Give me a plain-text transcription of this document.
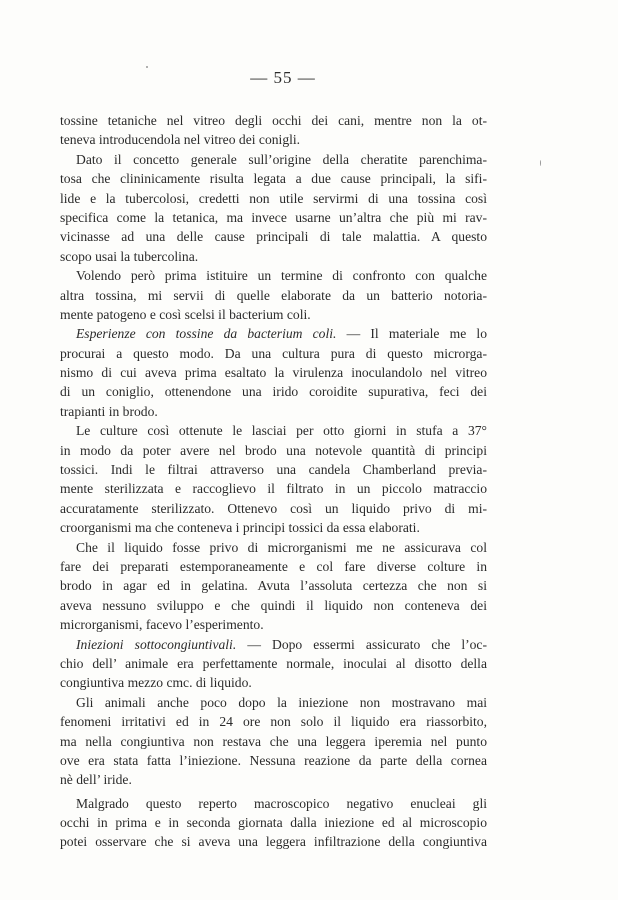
— 55 —
tossine tetaniche nel vitreo degli occhi dei cani, mentre non la ot-
teneva introducendola nel vitreo dei conigli.
Dato il concetto generale sull’origine della cheratite parenchima-
tosa che clininicamente risulta legata a due cause principali, la sifi-
lide e la tubercolosi, credetti non utile servirmi di una tossina così
specifica come la tetanica, ma invece usarne un’altra che più mi rav-
vicinasse ad una delle cause principali di tale malattia. A questo
scopo usai la tubercolina.
Volendo però prima istituire un termine di confronto con qualche
altra tossina, mi servii di quelle elaborate da un batterio notoria-
mente patogeno e così scelsi il bacterium coli.
Esperienze con tossine da bacterium coli. — Il materiale me lo
procurai a questo modo. Da una cultura pura di questo microrga-
nismo di cui aveva prima esaltato la virulenza inoculandolo nel vitreo
di un coniglio, ottenendone una irido coroidite supurativa, feci dei
trapianti in brodo.
Le culture così ottenute le lasciai per otto giorni in stufa a 37°
in modo da poter avere nel brodo una notevole quantità di principi
tossici. Indi le filtrai attraverso una candela Chamberland previa-
mente sterilizzata e raccoglievo il filtrato in un piccolo matraccio
accuratamente sterilizzato. Ottenevo così un liquido privo di mi-
croorganismi ma che conteneva i principi tossici da essa elaborati.
Che il liquido fosse privo di microrganismi me ne assicurava col
fare dei preparati estemporaneamente e col fare diverse colture in
brodo in agar ed in gelatina. Avuta l’assoluta certezza che non si
aveva nessuno sviluppo e che quindi il liquido non conteneva dei
microrganismi, facevo l’esperimento.
Iniezioni sottocongiuntivali. — Dopo essermi assicurato che l’oc-
chio dell’ animale era perfettamente normale, inoculai al disotto della
congiuntiva mezzo cmc. di liquido.
Gli animali anche poco dopo la iniezione non mostravano mai
fenomeni irritativi ed in 24 ore non solo il liquido era riassorbito,
ma nella congiuntiva non restava che una leggera iperemia nel punto
ove era stata fatta l’iniezione. Nessuna reazione da parte della cornea
nè dell’ iride.
Malgrado questo reperto macroscopico negativo enucleai gli
occhi in prima e in seconda giornata dalla iniezione ed al microscopio
potei osservare che si aveva una leggera infiltrazione della congiuntiva
